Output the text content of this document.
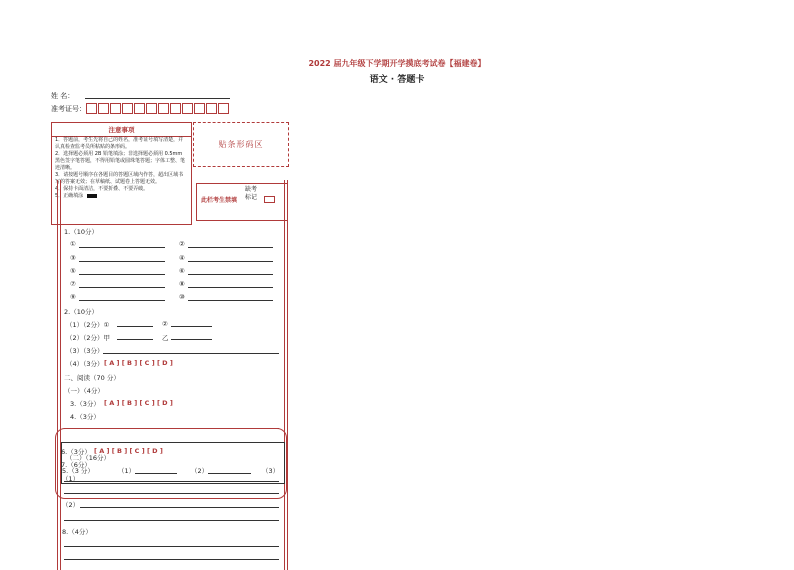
2022 届九年级下学期开学摸底考试卷【福建卷】
语文 · 答题卡
姓 名：
准考证号：
注意事项
1．答题前，考生先将自己的姓名，准考证号填写清楚，并认真检查监考员所粘贴的条形码。
2．选择题必须用 2B 铅笔填涂；非选择题必须用 0.5mm 黑色签字笔答题，不得用铅笔或圆珠笔答题；字体工整、笔迹清晰。
3．请按题号顺序在各题目的答题区域内作答，超出区域书写的答案无效；在草稿纸、试题卷上答题无效。
4．保持卡面清洁，不要折叠、不要弄破。
5．正确填涂
贴条形码区
此栏考生禁填
缺考
标记
1.（10分）
①	②
③	④
⑤	⑥
⑦	⑧
⑨	⑩
2.（10分）
（1）（2分）①	②
（2）（2分）甲	乙
（3）（3分）
（4）（3分） [ A ] [ B ] [ C ] [ D ]
二、阅读（70 分）
（一）（4分）
3.（3分） [ A ] [ B ] [ C ] [ D ]
4.（3分）
6.（3分） [ A ] [ B ] [ C ] [ D ]
（二）（16分）
7.（6分）
5.（3 分）	（1）	（2）	（3）
（1）
（2）
8.（4分）
